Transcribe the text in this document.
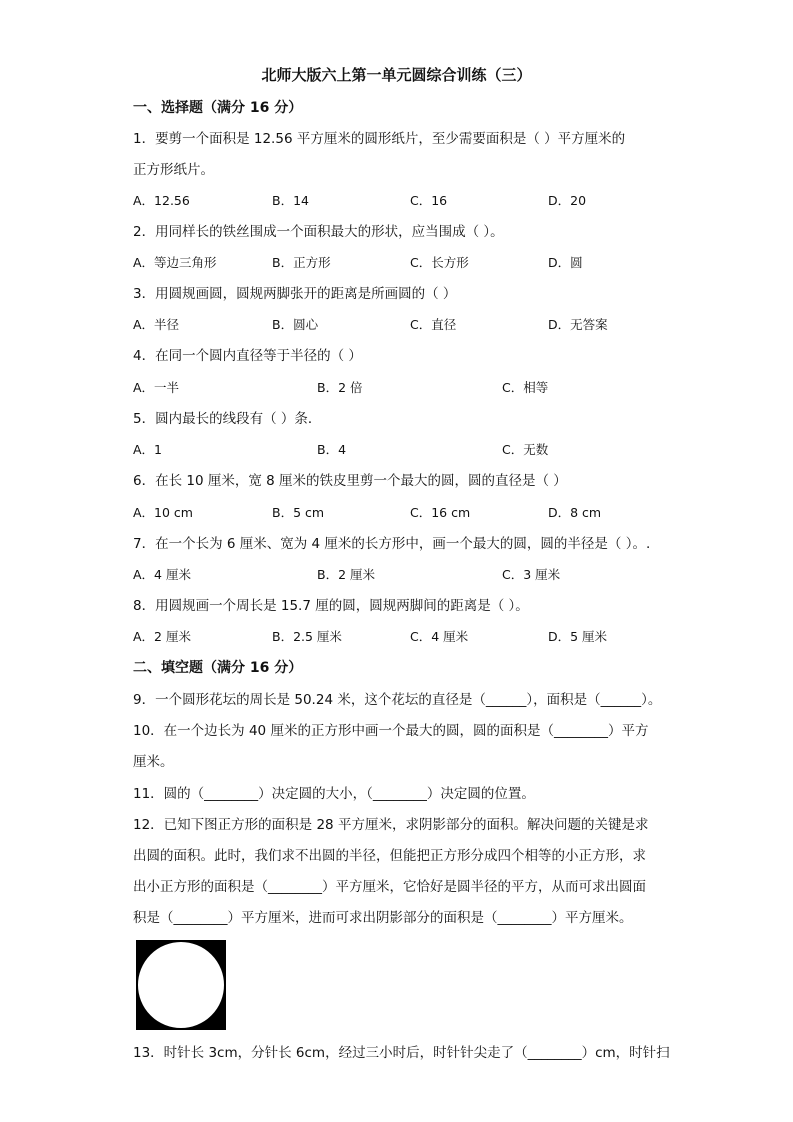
北师大版六上第一单元圆综合训练（三）
一、选择题（满分 16 分）
1．要剪一个面积是 12.56 平方厘米的圆形纸片，至少需要面积是（ ）平方厘米的
正方形纸片。
A．12.56	B．14	C．16	D．20
2．用同样长的铁丝围成一个面积最大的形状，应当围成（ ）。
A．等边三角形	B．正方形	C．长方形	D．圆
3．用圆规画圆，圆规两脚张开的距离是所画圆的（ ）
A．半径	B．圆心	C．直径	D．无答案
4．在同一个圆内直径等于半径的（ ）
A．一半	B．2 倍	C．相等
5．圆内最长的线段有（ ）条．
A．1	B．4	C．无数
6．在长 10 厘米，宽 8 厘米的铁皮里剪一个最大的圆，圆的直径是（ ）
A．10 cm	B．5 cm	C．16 cm	D．8 cm
7．在一个长为 6 厘米、宽为 4 厘米的长方形中，画一个最大的圆，圆的半径是（ ）。.
A．4 厘米	B．2 厘米	C．3 厘米
8．用圆规画一个周长是 15.7 厘的圆，圆规两脚间的距离是（ ）。
A．2 厘米	B．2.5 厘米	C．4 厘米	D．5 厘米
二、填空题（满分 16 分）
9．一个圆形花坛的周长是 50.24 米，这个花坛的直径是（______），面积是（______）。
10．在一个边长为 40 厘米的正方形中画一个最大的圆，圆的面积是（________）平方
厘米。
11．圆的（________）决定圆的大小，（________）决定圆的位置。
12．已知下图正方形的面积是 28 平方厘米，求阴影部分的面积。解决问题的关键是求
出圆的面积。此时，我们求不出圆的半径，但能把正方形分成四个相等的小正方形，求
出小正方形的面积是（________）平方厘米，它恰好是圆半径的平方，从而可求出圆面
积是（________）平方厘米，进而可求出阴影部分的面积是（________）平方厘米。
13．时针长 3cm，分针长 6cm，经过三小时后，时针针尖走了（________）cm，时针扫
